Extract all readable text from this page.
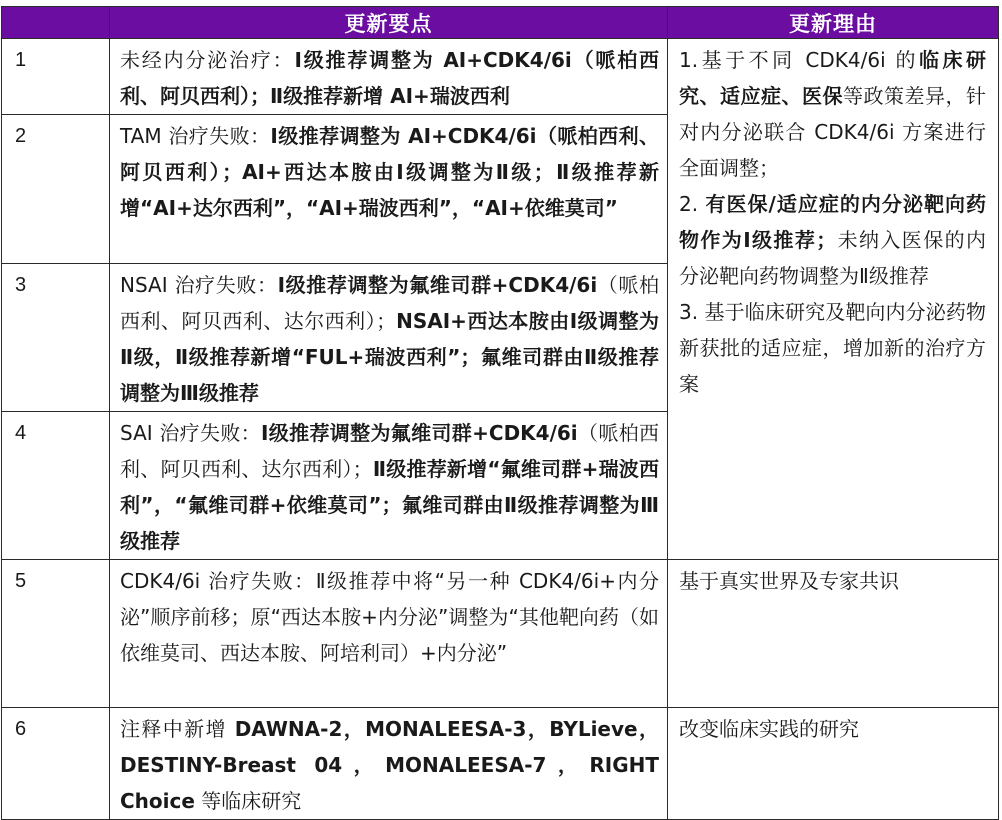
	更新要点	更新理由
1	未经内分泌治疗：Ⅰ级推荐调整为 AI+CDK4/6i（哌柏西利、阿贝西利）；Ⅱ级推荐新增 AI+瑞波西利	1.基于不同 CDK4/6i 的临床研究、适应症、医保等政策差异，针对内分泌联合 CDK4/6i 方案进行全面调整；
2. 有医保/适应症的内分泌靶向药物作为Ⅰ级推荐；未纳入医保的内分泌靶向药物调整为Ⅱ级推荐
3. 基于临床研究及靶向内分泌药物新获批的适应症，增加新的治疗方案

2	TAM 治疗失败：Ⅰ级推荐调整为 AI+CDK4/6i（哌柏西利、阿贝西利）；AI+西达本胺由Ⅰ级调整为Ⅱ级；Ⅱ级推荐新增“AI+达尔西利”，“AI+瑞波西利”，“AI+依维莫司”	
3	NSAI 治疗失败：Ⅰ级推荐调整为氟维司群+CDK4/6i（哌柏西利、阿贝西利、达尔西利）；NSAI+西达本胺由Ⅰ级调整为Ⅱ级，Ⅱ级推荐新增“FUL+瑞波西利”；氟维司群由Ⅱ级推荐调整为Ⅲ级推荐	
4	SAI 治疗失败：Ⅰ级推荐调整为氟维司群+CDK4/6i（哌柏西利、阿贝西利、达尔西利）；Ⅱ级推荐新增“氟维司群+瑞波西利”，“氟维司群+依维莫司”；氟维司群由Ⅱ级推荐调整为Ⅲ级推荐	
5	CDK4/6i 治疗失败：Ⅱ级推荐中将“另一种 CDK4/6i+内分泌”顺序前移；原“西达本胺+内分泌”调整为“其他靶向药（如依维莫司、西达本胺、阿培利司）+内分泌”	基于真实世界及专家共识
6	注释中新增 DAWNA-2，MONALEESA-3，BYLieve，DESTINY-Breast 04，MONALEESA-7，RIGHT Choice 等临床研究	改变临床实践的研究
